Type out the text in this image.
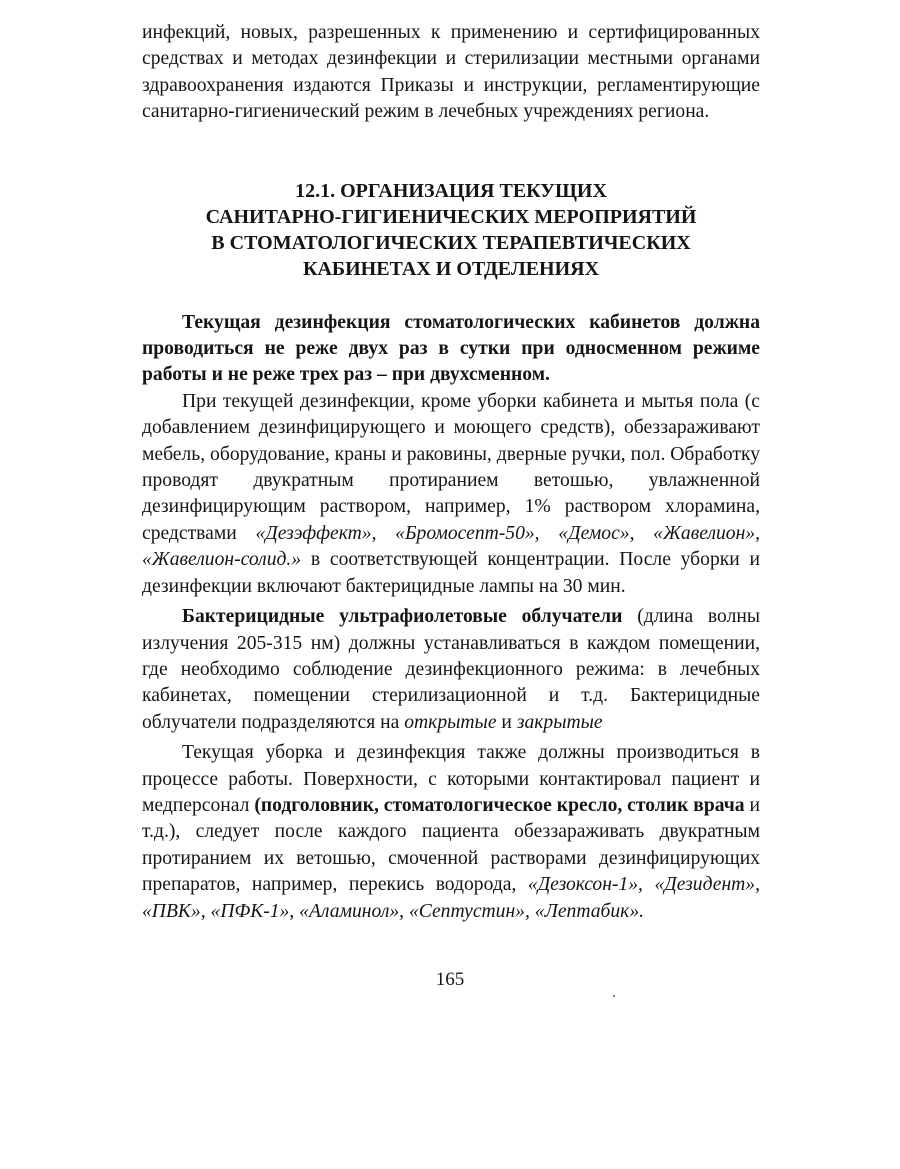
инфекций, новых, разрешенных к применению и сертифицированных средствах и методах дезинфекции и стерилизации местными органами здравоохранения издаются Приказы и инструкции, регламентирующие санитарно-гигиенический режим в лечебных учреждениях региона.

12.1. ОРГАНИЗАЦИЯ ТЕКУЩИХ
САНИТАРНО-ГИГИЕНИЧЕСКИХ МЕРОПРИЯТИЙ
В СТОМАТОЛОГИЧЕСКИХ ТЕРАПЕВТИЧЕСКИХ
КАБИНЕТАХ И ОТДЕЛЕНИЯХ

Текущая дезинфекция стоматологических кабинетов должна проводиться не реже двух раз в сутки при односменном режиме работы и не реже трех раз – при двухсменном.

При текущей дезинфекции, кроме уборки кабинета и мытья пола (с добавлением дезинфицирующего и моющего средств), обеззараживают мебель, оборудование, краны и раковины, дверные ручки, пол. Обработку проводят двукратным протиранием ветошью, увлажненной дезинфицирующим раствором, например, 1% раствором хлорамина, средствами «Дезэффект», «Бромосепт-50», «Демос», «Жавелион», «Жавелион-солид.» в соответствующей концентрации. После уборки и дезинфекции включают бактерицидные лампы на 30 мин.

Бактерицидные ультрафиолетовые облучатели (длина волны излучения 205-315 нм) должны устанавливаться в каждом помещении, где необходимо соблюдение дезинфекционного режима: в лечебных кабинетах, помещении стерилизационной и т.д. Бактерицидные облучатели подразделяются на открытые и закрытые

Текущая уборка и дезинфекция также должны производиться в процессе работы. Поверхности, с которыми контактировал пациент и медперсонал (подголовник, стоматологическое кресло, столик врача и т.д.), следует после каждого пациента обеззараживать двукратным протиранием их ветошью, смоченной растворами дезинфицирующих препаратов, например, перекись водорода, «Дезоксон-1», «Дезидент», «ПВК», «ПФК-1», «Аламинол», «Септустин», «Лептабик».

165
